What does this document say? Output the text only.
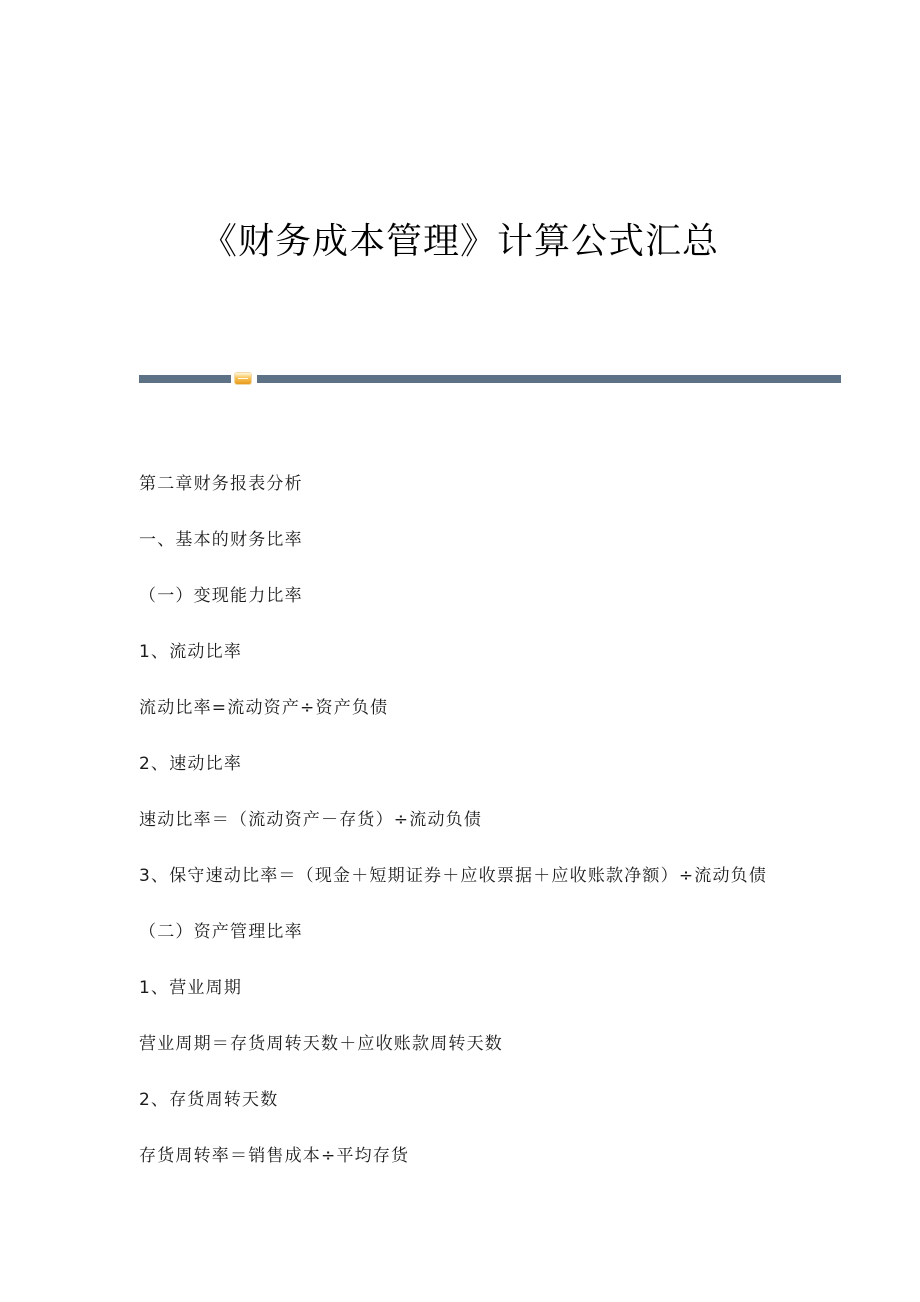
《财务成本管理》计算公式汇总
第二章财务报表分析
一、基本的财务比率
（一）变现能力比率
1、流动比率
流动比率=流动资产÷资产负债
2、速动比率
速动比率＝（流动资产－存货）÷流动负债
3、保守速动比率＝（现金＋短期证券＋应收票据＋应收账款净额）÷流动负债
（二）资产管理比率
1、营业周期
营业周期＝存货周转天数＋应收账款周转天数
2、存货周转天数
存货周转率＝销售成本÷平均存货
